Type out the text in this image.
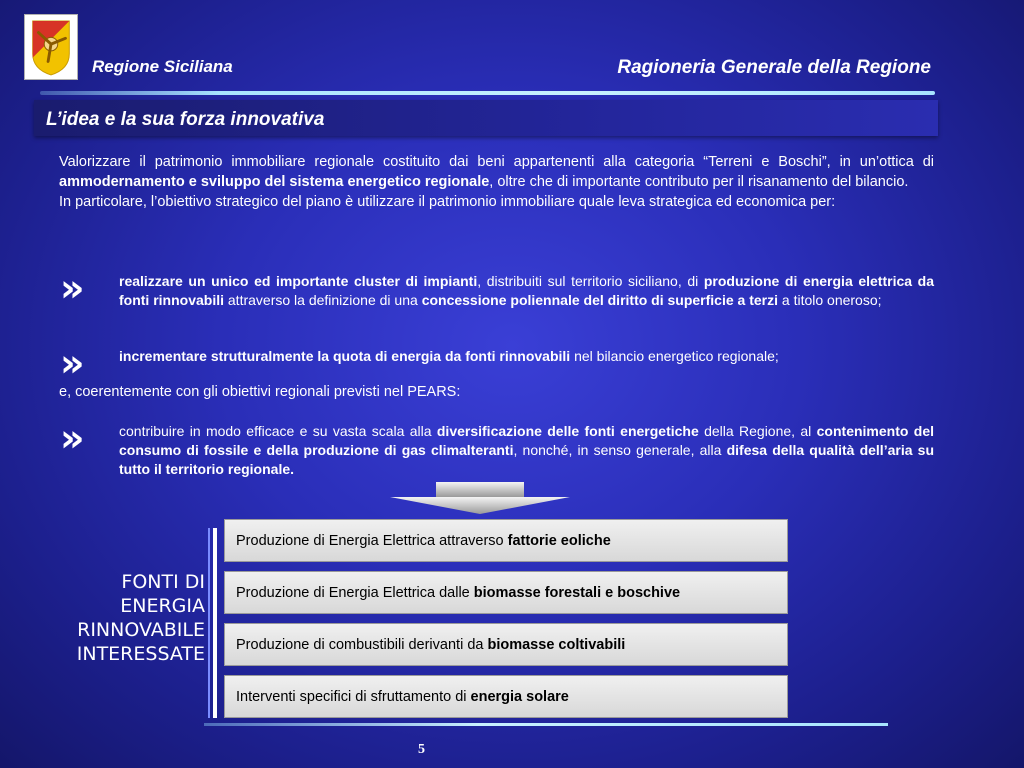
Regione Siciliana	Ragioneria Generale della Regione
L’idea e la sua forza innovativa

Valorizzare il patrimonio immobiliare regionale costituito dai beni appartenenti alla categoria “Terreni e Boschi”, in un’ottica di ammodernamento e sviluppo del sistema energetico regionale, oltre che di importante contributo per il risanamento del bilancio.

In particolare, l’obiettivo strategico del piano è utilizzare il patrimonio immobiliare quale leva strategica ed economica per:

»	realizzare un unico ed importante cluster di impianti, distribuiti sul territorio siciliano, di produzione di energia elettrica da fonti rinnovabili attraverso la definizione di una concessione poliennale del diritto di superficie a terzi a titolo oneroso;
»	incrementare strutturalmente la quota di energia da fonti rinnovabili nel bilancio energetico regionale;
e, coerentemente con gli obiettivi regionali previsti nel PEARS:
»	contribuire in modo efficace e su vasta scala alla diversificazione delle fonti energetiche della Regione, al contenimento del consumo di fossile e della produzione di gas climalteranti, nonché, in senso generale, alla difesa della qualità dell’aria su tutto il territorio regionale.
FONTI DI
ENERGIA
RINNOVABILE
INTERESSATE
Produzione di Energia Elettrica attraverso fattorie eoliche
Produzione di Energia Elettrica dalle biomasse forestali e boschive
Produzione di combustibili derivanti da biomasse coltivabili
Interventi specifici di sfruttamento di energia solare
5
